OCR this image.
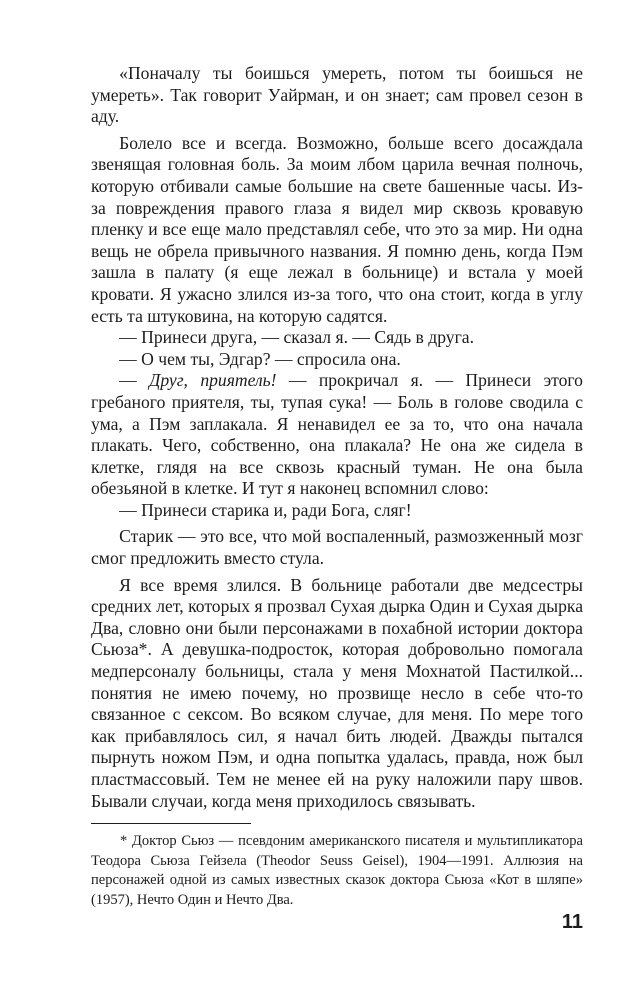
«Поначалу ты боишься умереть, потом ты боишься не умереть». Так говорит Уайрман, и он знает; сам провел сезон в аду.

Болело все и всегда. Возможно, больше всего досаждала звенящая головная боль. За моим лбом царила вечная полночь, которую отбивали самые большие на свете башенные часы. Из-за повреждения правого глаза я видел мир сквозь кровавую пленку и все еще мало представлял себе, что это за мир. Ни одна вещь не обрела привычного названия. Я помню день, когда Пэм зашла в палату (я еще лежал в больнице) и встала у моей кровати. Я ужасно злился из-за того, что она стоит, когда в углу есть та штуковина, на которую садятся.

— Принеси друга, — сказал я. — Сядь в друга.

— О чем ты, Эдгар? — спросила она.

— Друг, приятель! — прокричал я. — Принеси этого гребаного приятеля, ты, тупая сука! — Боль в голове сводила с ума, а Пэм заплакала. Я ненавидел ее за то, что она начала плакать. Чего, собственно, она плакала? Не она же сидела в клетке, глядя на все сквозь красный туман. Не она была обезьяной в клетке. И тут я наконец вспомнил слово:

— Принеси старика и, ради Бога, сляг!

Старик — это все, что мой воспаленный, размозженный мозг смог предложить вместо стула.

Я все время злился. В больнице работали две медсестры средних лет, которых я прозвал Сухая дырка Один и Сухая дырка Два, словно они были персонажами в похабной истории доктора Сьюза*. А девушка-подросток, которая добровольно помогала медперсоналу больницы, стала у меня Мохнатой Пастилкой... понятия не имею почему, но прозвище несло в себе что-то связанное с сексом. Во всяком случае, для меня. По мере того как прибавлялось сил, я начал бить людей. Дважды пытался пырнуть ножом Пэм, и одна попытка удалась, правда, нож был пластмассовый. Тем не менее ей на руку наложили пару швов. Бывали случаи, когда меня приходилось связывать.

* Доктор Сьюз — псевдоним американского писателя и мультипликатора Теодора Сьюза Гейзела (Theodor Seuss Geisel), 1904—1991. Аллюзия на персонажей одной из самых известных сказок доктора Сьюза «Кот в шляпе» (1957), Нечто Один и Нечто Два.

11
